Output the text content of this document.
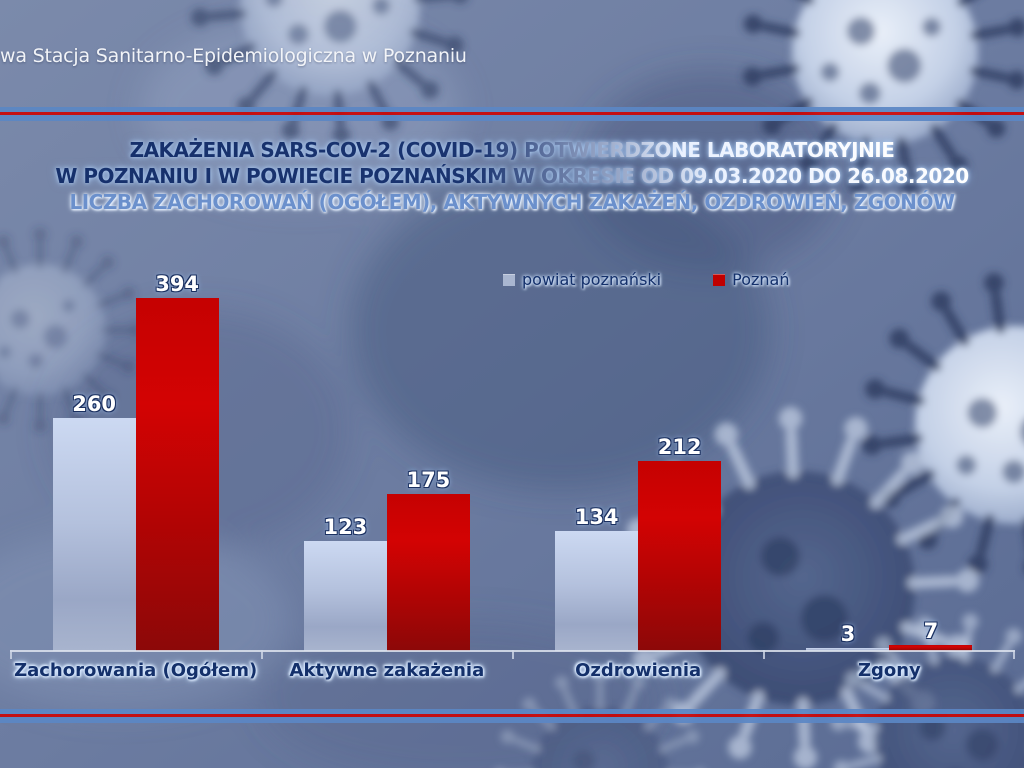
wa Stacja Sanitarno-Epidemiologiczna w Poznaniu
ZAKAŻENIA SARS-COV-2 (COVID-19) POTWIERDZONE LABORATORYJNIE
W POZNANIU I W POWIECIE POZNAŃSKIM W OKRESIE OD 09.03.2020 DO 26.08.2020
LICZBA ZACHOROWAŃ (OGÓŁEM), AKTYWNYCH ZAKAŻEŃ, OZDROWIEŃ, ZGONÓW
powiat poznański	Poznań
260
394
123
175
134
212
3	7
Zachorowania (Ogółem)	Aktywne zakażenia	Ozdrowienia	Zgony
